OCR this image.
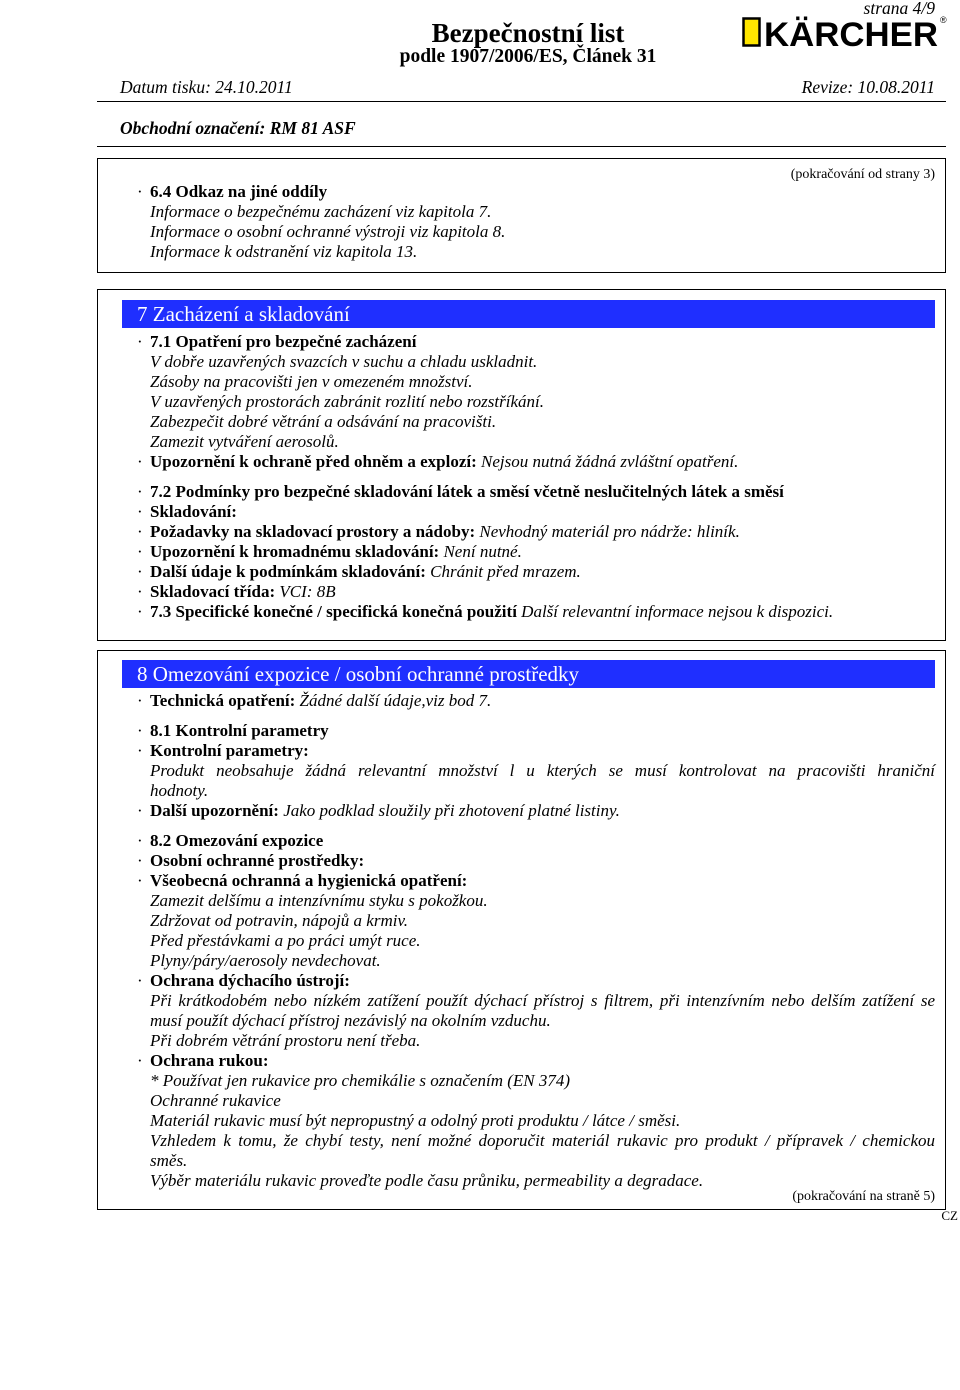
strana 4/9
Bezpečnostní list
podle 1907/2006/ES, Článek 31
KÄRCHER ®
Datum tisku: 24.10.2011	Revize: 10.08.2011
Obchodní označení: RM 81 ASF
(pokračování od strany 3)
· 6.4 Odkaz na jiné oddíly
Informace o bezpečnému zacházení viz kapitola 7.
Informace o osobní ochranné výstroji viz kapitola 8.
Informace k odstranění viz kapitola 13.
7 Zacházení a skladování
· 7.1 Opatření pro bezpečné zacházení
V dobře uzavřených svazcích v suchu a chladu uskladnit.
Zásoby na pracovišti jen v omezeném množství.
V uzavřených prostorách zabránit rozlití nebo rozstříkání.
Zabezpečit dobré větrání a odsávání na pracovišti.
Zamezit vytváření aerosolů.
· Upozornění k ochraně před ohněm a explozí: Nejsou nutná žádná zvláštní opatření.
· 7.2 Podmínky pro bezpečné skladování látek a směsí včetně neslučitelných látek a směsí
· Skladování:
· Požadavky na skladovací prostory a nádoby: Nevhodný materiál pro nádrže: hliník.
· Upozornění k hromadnému skladování: Není nutné.
· Další údaje k podmínkám skladování: Chránit před mrazem.
· Skladovací třída: VCI: 8B
· 7.3 Specifické konečné / specifická konečná použití Další relevantní informace nejsou k dispozici.
8 Omezování expozice / osobní ochranné prostředky
· Technická opatření: Žádné další údaje,viz bod 7.
· 8.1 Kontrolní parametry
· Kontrolní parametry:
Produkt neobsahuje žádná relevantní množství l u kterých se musí kontrolovat na pracovišti hraniční
hodnoty.
· Další upozornění: Jako podklad sloužily při zhotovení platné listiny.
· 8.2 Omezování expozice
· Osobní ochranné prostředky:
· Všeobecná ochranná a hygienická opatření:
Zamezit delšímu a intenzívnímu styku s pokožkou.
Zdržovat od potravin, nápojů a krmiv.
Před přestávkami a po práci umýt ruce.
Plyny/páry/aerosoly nevdechovat.
· Ochrana dýchacího ústrojí:
Při krátkodobém nebo nízkém zatížení použít dýchací přístroj s filtrem, při intenzívním nebo delším zatížení se
musí použít dýchací přístroj nezávislý na okolním vzduchu.
Při dobrém větrání prostoru není třeba.
· Ochrana rukou:
* Používat jen rukavice pro chemikálie s označením (EN 374)
Ochranné rukavice
Materiál rukavic musí být nepropustný a odolný proti produktu / látce / směsi.
Vzhledem k tomu, že chybí testy, není možné doporučit materiál rukavic pro produkt / přípravek / chemickou
směs.
Výběr materiálu rukavic proveďte podle času průniku, permeability a degradace.
(pokračování na straně 5)
CZ
